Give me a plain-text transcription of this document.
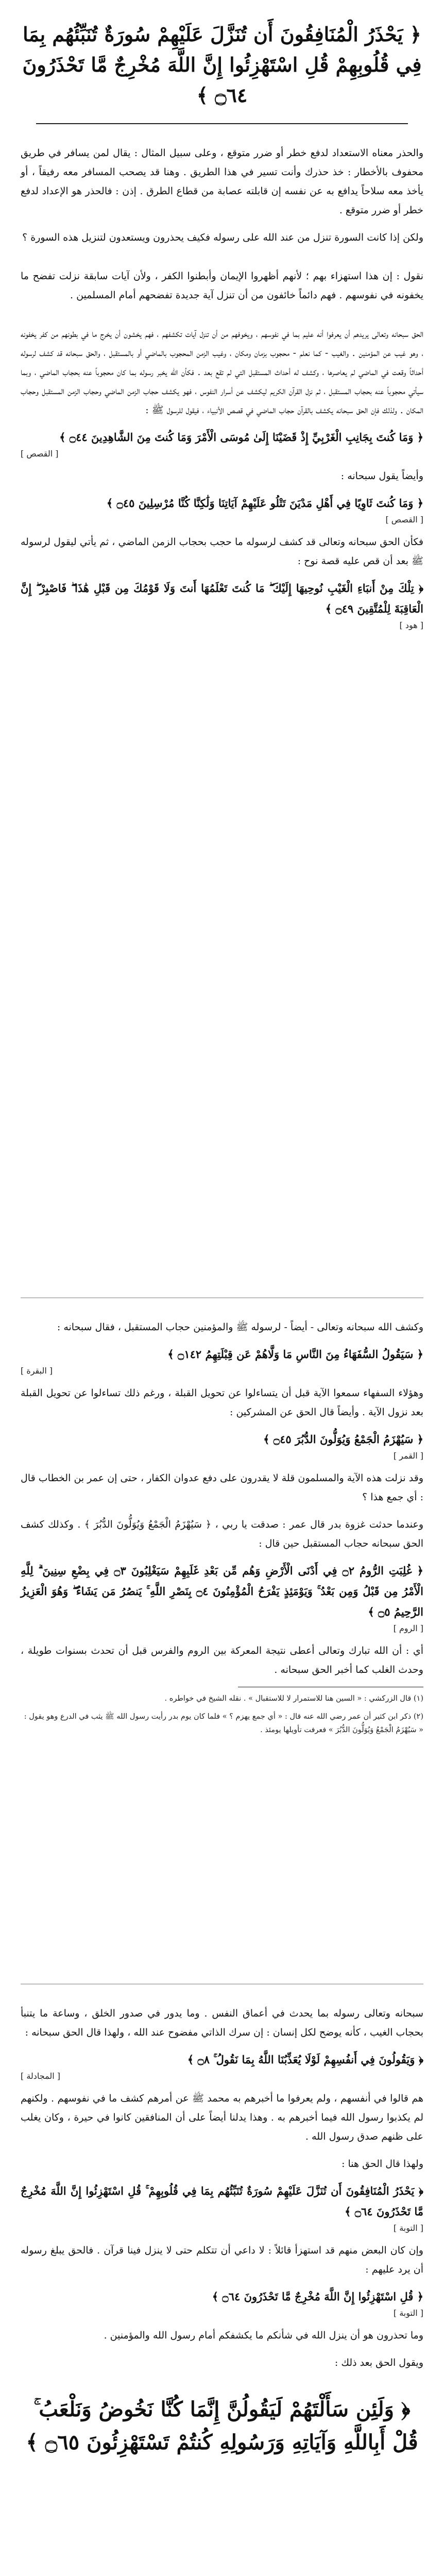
﴿ يَحْذَرُ الْمُنَافِقُونَ أَن تُنَزَّلَ عَلَيْهِمْ سُورَةٌ تُنَبِّئُهُم بِمَا فِي قُلُوبِهِمْ قُلِ اسْتَهْزِئُوا إِنَّ اللَّهَ مُخْرِجٌ مَّا تَحْذَرُونَ ۝٦٤ ﴾

والحذر معناه الاستعداد لدفع خطر أو ضرر متوقع ، وعلى سبيل المثال : يقال لمن يسافر في طريق محفوف بالأخطار : خذ حذرك وأنت تسير في هذا الطريق . وهنا قد يصحب المسافر معه رفيقاً ، أو يأخذ معه سلاحاً يدافع به عن نفسه إن قابلته عصابة من قطاع الطرق . إذن : فالحذر هو الإعداد لدفع خطر أو ضرر متوقع .

ولكن إذا كانت السورة تنزل من عند الله على رسوله فكيف يحذرون ويستعدون لتنزيل هذه السورة ؟

نقول : إن هذا استهزاء بهم ؛ لأنهم أظهروا الإيمان وأبطنوا الكفر ، ولأن آيات سابقة نزلت تفضح ما يخفونه في نفوسهم . فهم دائماً خائفون من أن تنزل آية جديدة تفضحهم أمام المسلمين .

الحق سبحانه وتعالى يريدهم أن يعرفوا أنه عليم بما في نفوسهم ، ويخوفهم من أن تنزل آيات تكشفهم ، فهم يخشون أن يخرج ما في بطونهم من كفر يخفونه ، وهو غيب عن المؤمنين . والغيب - كما نعلم - محجوب بزمان ومكان ، وغيب الزمن المحجوب بالماضي أو بالمستقبل ، والحق سبحانه قد كشف لرسوله أحداثاً وقعت في الماضي لم يعاصرها ، وكشف له أحداث المستقبل التي لم تقع بعد . فكأن الله يخبر رسوله بما كان محجوباً عنه بحجاب الماضي ، وبما سيأتي محجوباً عنه بحجاب المستقبل ، ثم نزل القرآن الكريم ليكشف عن أسرار النفوس ، فهو يكشف حجاب الزمن الماضي وحجاب الزمن المستقبل وحجاب المكان . ولذلك فإن الحق سبحانه يكشف بالقرآن حجاب الماضي في قصص الأنبياء ، فيقول للرسول ﷺ :

﴿ وَمَا كُنتَ بِجَانِبِ الْغَرْبِيِّ إِذْ قَضَيْنَا إِلَىٰ مُوسَى الْأَمْرَ وَمَا كُنتَ مِنَ الشَّاهِدِينَ ۝٤٤ ﴾

[ القصص ]

وأيضاً يقول سبحانه :

﴿ وَمَا كُنتَ ثَاوِيًا فِي أَهْلِ مَدْيَنَ تَتْلُو عَلَيْهِمْ آيَاتِنَا وَلَٰكِنَّا كُنَّا مُرْسِلِينَ ۝٤٥ ﴾

[ القصص ]

فكأن الحق سبحانه وتعالى قد كشف لرسوله ما حجب بحجاب الزمن الماضي ، ثم يأتي ليقول لرسوله ﷺ بعد أن قص عليه قصة نوح :

﴿ تِلْكَ مِنْ أَنبَاءِ الْغَيْبِ نُوحِيهَا إِلَيْكَ ۖ مَا كُنتَ تَعْلَمُهَا أَنتَ وَلَا قَوْمُكَ مِن قَبْلِ هَٰذَا ۖ فَاصْبِرْ ۖ إِنَّ الْعَاقِبَةَ لِلْمُتَّقِينَ ۝٤٩ ﴾

[ هود ]

وكشف الله سبحانه وتعالى - أيضاً - لرسوله ﷺ والمؤمنين حجاب المستقبل ، فقال سبحانه :

﴿ سَيَقُولُ السُّفَهَاءُ مِنَ النَّاسِ مَا وَلَّاهُمْ عَن قِبْلَتِهِمُ ۝١٤٢ ﴾

[ البقرة ]

وهؤلاء السفهاء سمعوا الآية قبل أن يتساءلوا عن تحويل القبلة ، ورغم ذلك تساءلوا عن تحويل القبلة بعد نزول الآية . وأيضاً قال الحق عن المشركين :

﴿ سَيُهْزَمُ الْجَمْعُ وَيُوَلُّونَ الدُّبُرَ ۝٤٥ ﴾

[ القمر ]

وقد نزلت هذه الآية والمسلمون قلة لا يقدرون على دفع عدوان الكفار ، حتى إن عمر بن الخطاب قال : أي جمع هذا ؟

وعندما حدثت غزوة بدر قال عمر : صدقت يا ربي ، ﴿ سَيُهْزَمُ الْجَمْعُ وَيُوَلُّونَ الدُّبُرَ ﴾ . وكذلك كشف الحق سبحانه حجاب المستقبل حين قال :

﴿ غُلِبَتِ الرُّومُ ۝٢ فِي أَدْنَى الْأَرْضِ وَهُم مِّن بَعْدِ غَلَبِهِمْ سَيَغْلِبُونَ ۝٣ فِي بِضْعِ سِنِينَ ۗ لِلَّهِ الْأَمْرُ مِن قَبْلُ وَمِن بَعْدُ ۚ وَيَوْمَئِذٍ يَفْرَحُ الْمُؤْمِنُونَ ۝٤ بِنَصْرِ اللَّهِ ۚ يَنصُرُ مَن يَشَاءُ ۖ وَهُوَ الْعَزِيزُ الرَّحِيمُ ۝٥ ﴾

[ الروم ]

أي : أن الله تبارك وتعالى أعطى نتيجة المعركة بين الروم والفرس قبل أن تحدث بسنوات طويلة ، وحدث الغلب كما أخبر الحق سبحانه .

(١) قال الزركشي : « السين هنا للاستمرار لا للاستقبال » . نقله الشيخ في خواطره .

(٢) ذكر ابن كثير أن عمر رضي الله عنه قال : « أي جمع يهزم ؟ » فلما كان يوم بدر رأيت رسول الله ﷺ يثب في الدرع وهو يقول : « سَيُهْزَمُ الْجَمْعُ وَيُوَلُّونَ الدُّبُرَ » فعرفت تأويلها يومئذ .

سبحانه وتعالى رسوله بما يحدث في أعماق النفس . وما يدور في صدور الخلق ، وساعة ما يتنبأ بحجاب الغيب ، كأنه يوضح لكل إنسان : إن سرك الذاتي مفضوح عند الله ، ولهذا قال الحق سبحانه :

﴿ وَيَقُولُونَ فِي أَنفُسِهِمْ لَوْلَا يُعَذِّبُنَا اللَّهُ بِمَا نَقُولُ ۚ ۝٨ ﴾

[ المجادلة ]

هم قالوا في أنفسهم ، ولم يعرفوا ما أخبرهم به محمد ﷺ عن أمرهم كشف ما في نفوسهم . ولكنهم لم يكذبوا رسول الله فيما أخبرهم به . وهذا يدلنا أيضاً على أن المنافقين كانوا في حيرة ، وكان يغلب على ظنهم صدق رسول الله .

ولهذا قال الحق هنا :

﴿ يَحْذَرُ الْمُنَافِقُونَ أَن تُنَزَّلَ عَلَيْهِمْ سُورَةٌ تُنَبِّئُهُم بِمَا فِي قُلُوبِهِمْ ۚ قُلِ اسْتَهْزِئُوا إِنَّ اللَّهَ مُخْرِجٌ مَّا تَحْذَرُونَ ۝٦٤ ﴾

[ التوبة ]

وإن كان البعض منهم قد استهزأ قائلاً : لا داعي أن تتكلم حتى لا ينزل فينا قرآن . فالحق يبلغ رسوله أن يرد عليهم :

﴿ قُلِ اسْتَهْزِئُوا إِنَّ اللَّهَ مُخْرِجٌ مَّا تَحْذَرُونَ ۝٦٤ ﴾

[ التوبة ]

وما تحذرون هو أن ينزل الله في شأنكم ما يكشفكم أمام رسول الله والمؤمنين .

ويقول الحق بعد ذلك :

﴿ وَلَئِن سَأَلْتَهُمْ لَيَقُولُنَّ إِنَّمَا كُنَّا نَخُوضُ وَنَلْعَبُ ۚ قُلْ أَبِاللَّهِ وَآيَاتِهِ وَرَسُولِهِ كُنتُمْ تَسْتَهْزِئُونَ ۝٦٥ ﴾
